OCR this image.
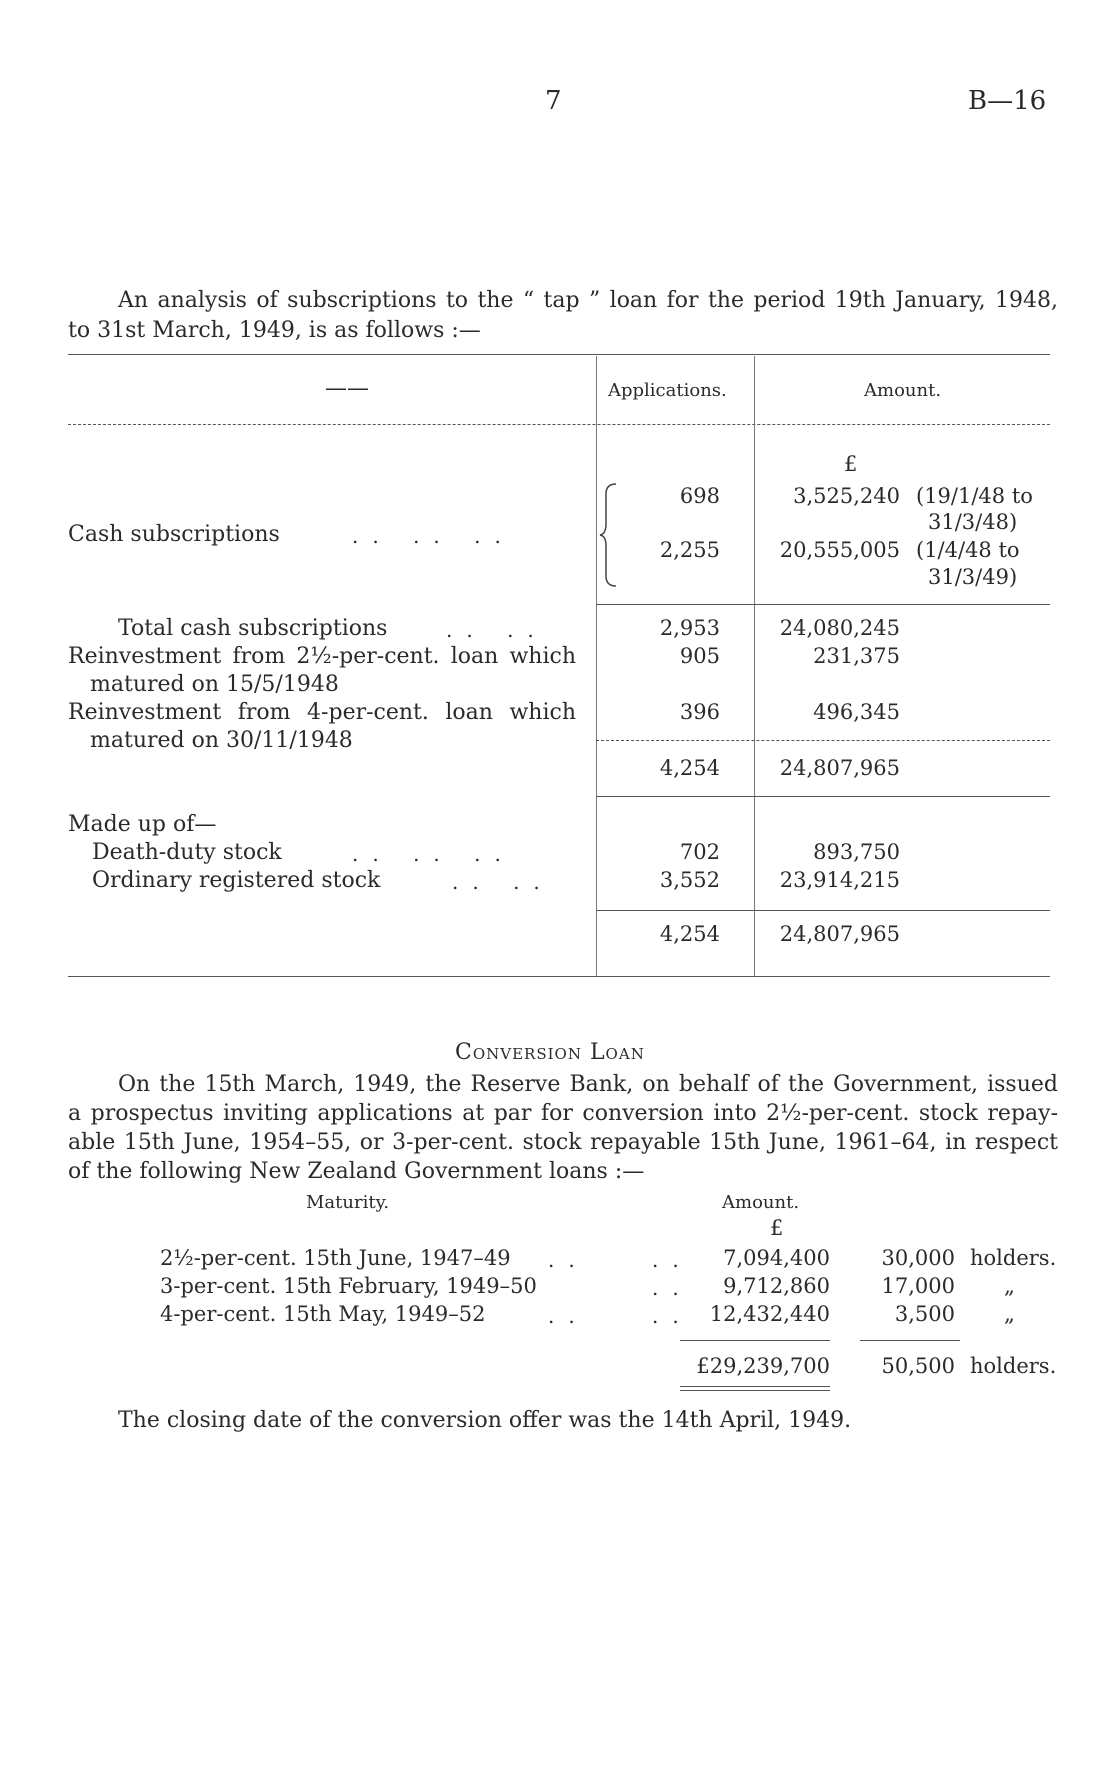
7	B—16
An analysis of subscriptions to the “ tap ” loan for the period 19th January, 1948,
to 31st March, 1949, is as follows :—
——	Applications.	Amount.
£
Cash subscriptions	.. .. ..
698	3,525,240 (19/1/48 to
31/3/48)
2,255	20,555,005 (1/4/48 to
31/3/49)
Total cash subscriptions	.. ..	2,953	24,080,245
Reinvestment from 2½-per-cent. loan which
matured on 15/5/1948
905	231,375
Reinvestment from 4-per-cent. loan which
matured on 30/11/1948
396	496,345
4,254	24,807,965
Made up of—
Death-duty stock	.. .. ..	702	893,750
Ordinary registered stock	.. ..	3,552	23,914,215
4,254	24,807,965
Conversion Loan
On the 15th March, 1949, the Reserve Bank, on behalf of the Government, issued
a prospectus inviting applications at par for conversion into 2½-per-cent. stock repay-
able 15th June, 1954–55, or 3-per-cent. stock repayable 15th June, 1961–64, in respect
of the following New Zealand Government loans :—
Maturity.	Amount.
£
2½-per-cent. 15th June, 1947–49 ..	..	7,094,400	30,000 holders.
3-per-cent. 15th February, 1949–50	..	9,712,860	17,000 „
4-per-cent. 15th May, 1949–52	..	.. 12,432,440	3,500 „
£29,239,700	50,500 holders.
The closing date of the conversion offer was the 14th April, 1949.
